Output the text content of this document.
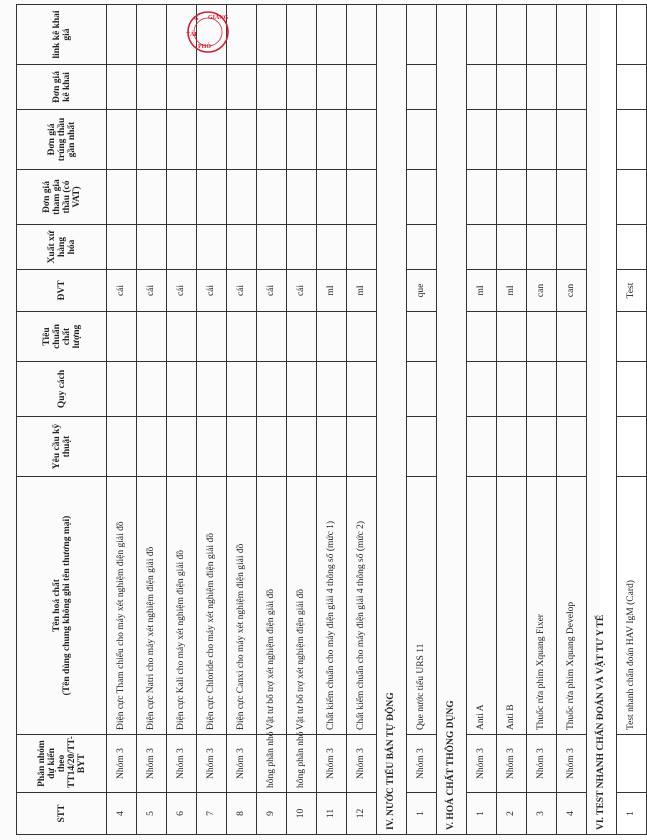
STT	Phân nhóm dự kiến theo TT14/20/TT-BYT	Tên hoá chất (Tên dùng chung không ghi tên thương mại)	Yêu cầu kỹ thuật	Quy cách	Tiêu chuẩn chất lượng	ĐVT	Xuất xứ hàng hóa	Đơn giá tham gia thầu (có VAT)	Đơn giá trúng thầu gần nhất	Đơn giá kê khai	link kê khai giá
4	Nhóm 3	Điện cực Tham chiếu cho máy xét nghiệm điện giải đồ				cái					
5	Nhóm 3	Điện cực Natri cho máy xét nghiệm điện giải đồ				cái					
6	Nhóm 3	Điện cực Kali cho máy xét nghiệm điện giải đồ				cái					
7	Nhóm 3	Điện cực Chloride cho máy xét nghiệm điện giải đồ				cái					
8	Nhóm 3	Điện cực Canxi cho máy xét nghiệm điện giải đồ				cái					
9	hông phân nhó	Vật tư bổ trợ xét nghiệm điện giải đồ				cái					
10	hông phân nhó	Vật tư bổ trợ xét nghiệm điện giải đồ				cái					
11	Nhóm 3	Chất kiểm chuẩn cho máy điện giải 4 thông số (mức 1)				ml					
12	Nhóm 3	Chất kiểm chuẩn cho máy điện giải 4 thông số (mức 2)				ml					
IV. NƯỚC TIỂU BÁN TỰ ĐỘNG											
1	Nhóm 3	Que nước tiểu URS 11				que					
V. HOÁ CHẤT THÔNG DỤNG											
1	Nhóm 3	Anti A				ml					
2	Nhóm 3	Anti B				ml					
3	Nhóm 3	Thuốc rửa phim Xquang Fixer				can					
4	Nhóm 3	Thuốc rửa phim Xquang Develop				can					
VI. TEST NHANH CHẨN ĐOÁN VÀ VẬT TƯ Y TẾ											
1		Test nhanh chẩn đoán HAV IgM (Card)				Test					
G GIANG
TÁI
PHÒ
